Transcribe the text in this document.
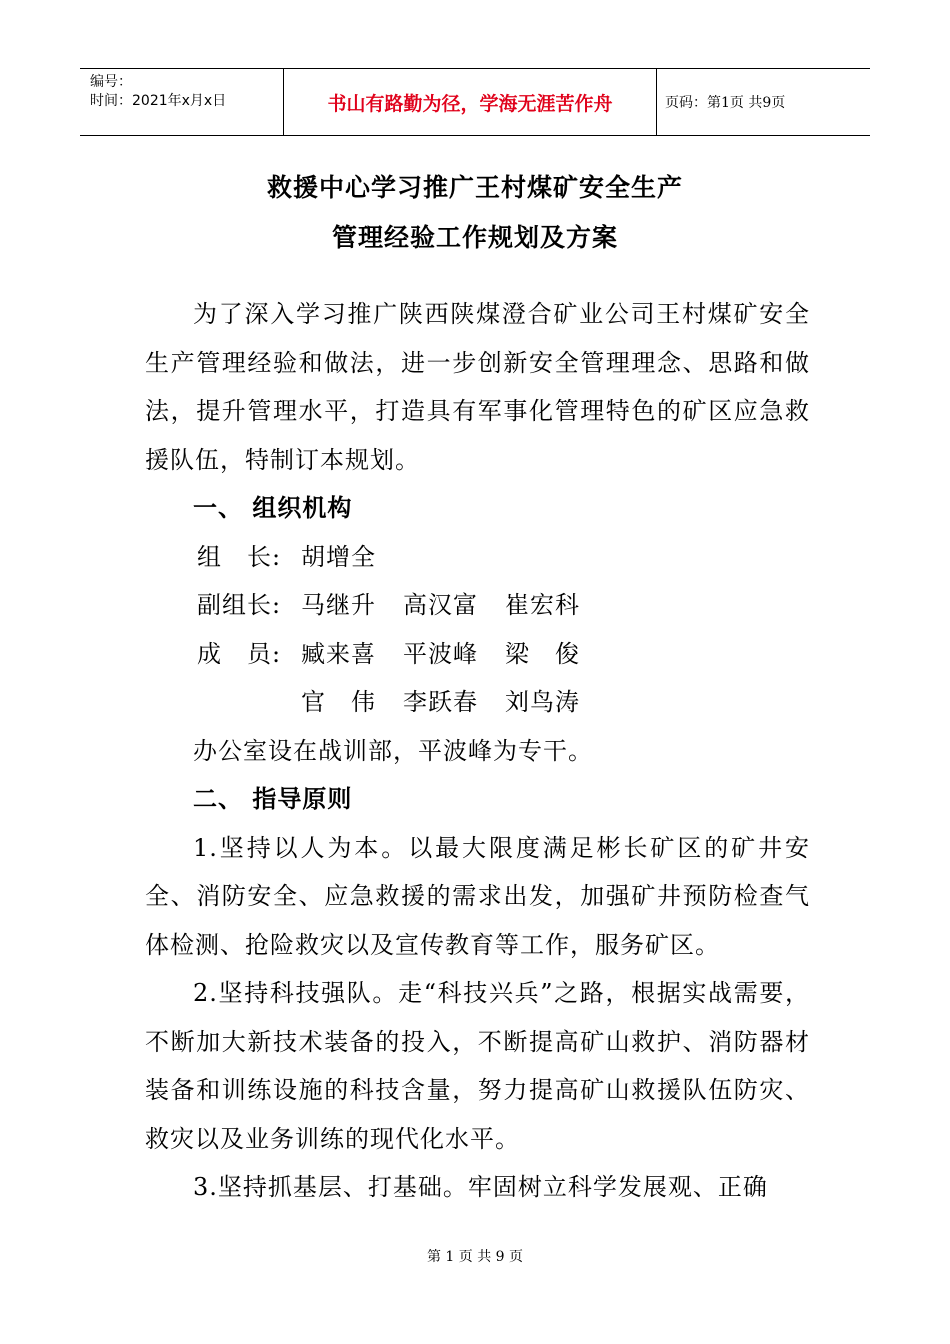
编号：
时间：2021年x月x日	书山有路勤为径，学海无涯苦作舟	页码：第1页 共9页
救援中心学习推广王村煤矿安全生产
管理经验工作规划及方案

为了深入学习推广陕西陕煤澄合矿业公司王村煤矿安全生产管理经验和做法，进一步创新安全管理理念、思路和做法，提升管理水平，打造具有军事化管理特色的矿区应急救援队伍，特制订本规划。

一、 组织机构

组　长: 胡增全
副组长: 马继升 高汉富 崔宏科
成　员: 臧来喜 平波峰 梁　俊
官　伟 李跃春 刘鸟涛

办公室设在战训部，平波峰为专干。

二、 指导原则

1.坚持以人为本。以最大限度满足彬长矿区的矿井安全、消防安全、应急救援的需求出发，加强矿井预防检查气体检测、抢险救灾以及宣传教育等工作，服务矿区。

2.坚持科技强队。走“科技兴兵”之路，根据实战需要，不断加大新技术装备的投入，不断提高矿山救护、消防器材装备和训练设施的科技含量，努力提高矿山救援队伍防灾、救灾以及业务训练的现代化水平。

3.坚持抓基层、打基础。牢固树立科学发展观、正确

第 1 页 共 9 页
